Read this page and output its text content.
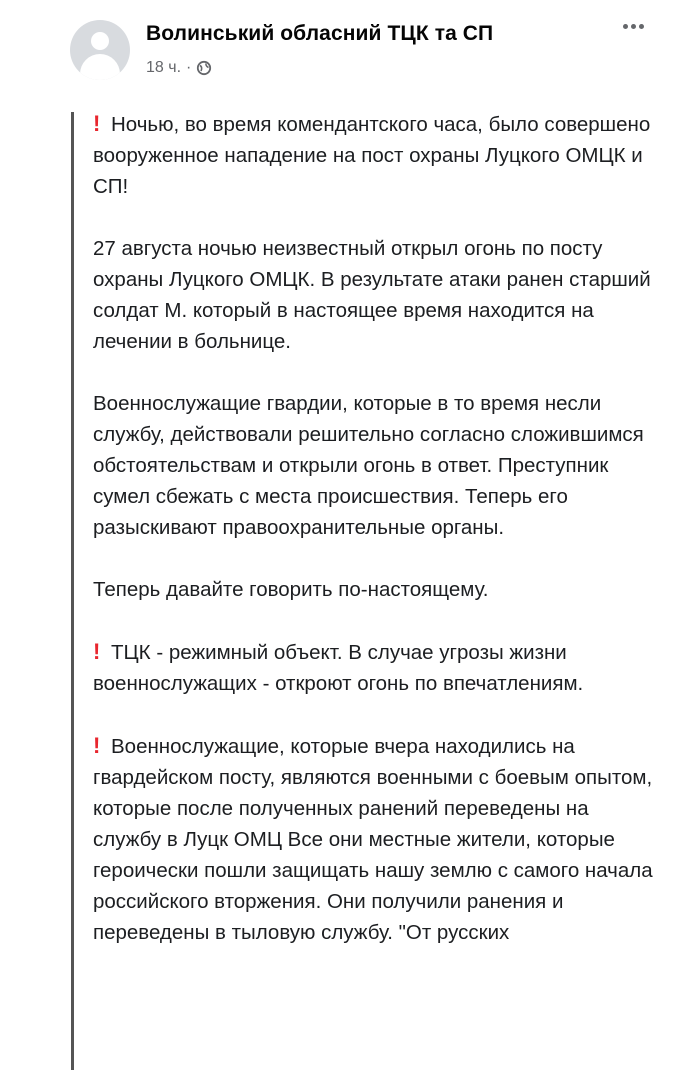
Волинський обласний ТЦК та СП
18 ч. ·

! Ночью, во время комендантского часа, было совершено вооруженное нападение на пост охраны Луцкого ОМЦК и СП!

27 августа ночью неизвестный открыл огонь по посту охраны Луцкого ОМЦК. В результате атаки ранен старший солдат М. который в настоящее время находится на лечении в больнице.

Военнослужащие гвардии, которые в то время несли службу, действовали решительно согласно сложившимся обстоятельствам и открыли огонь в ответ. Преступник сумел сбежать с места происшествия. Теперь его разыскивают правоохранительные органы.

Теперь давайте говорить по-настоящему.

! ТЦК - режимный объект. В случае угрозы жизни военнослужащих - откроют огонь по впечатлениям.

! Военнослужащие, которые вчера находились на гвардейском посту, являются военными с боевым опытом, которые после полученных ранений переведены на службу в Луцк ОМЦ Все они местные жители, которые героически пошли защищать нашу землю с самого начала российского вторжения. Они получили ранения и переведены в тыловую службу. "От русских
